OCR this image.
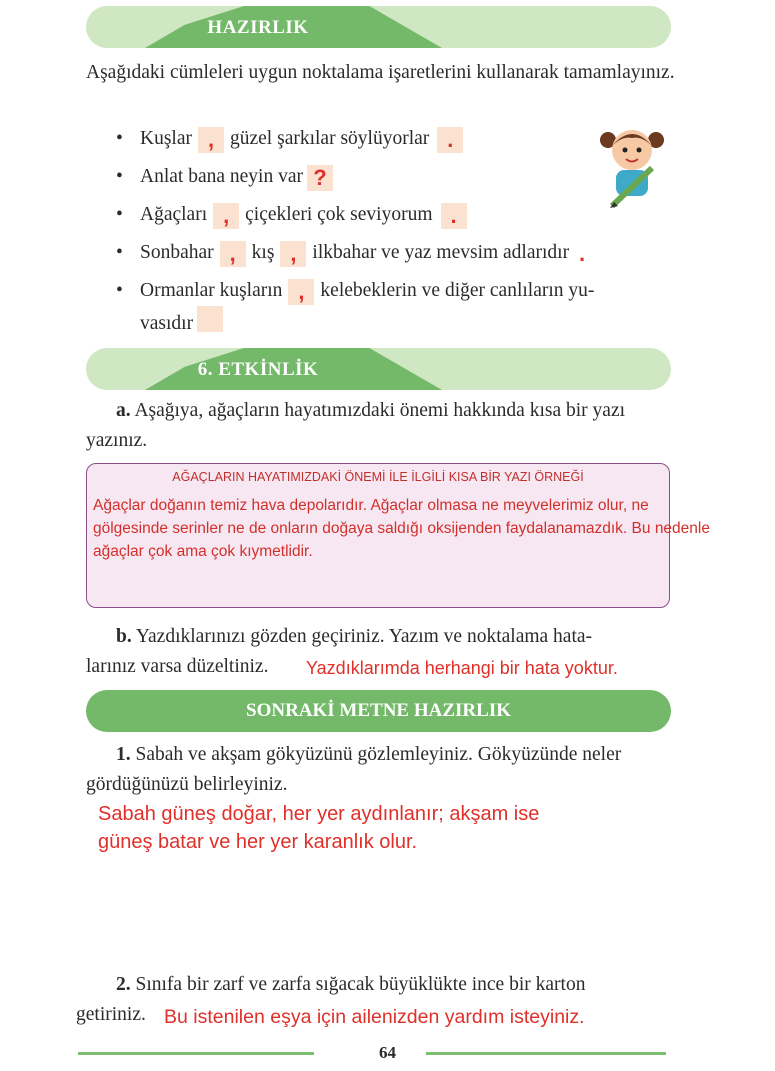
HAZIRLIK
Aşağıdaki cümleleri uygun noktalama işaretlerini kullanarak tamamlayınız.
• Kuşlar , güzel şarkılar söylüyorlar .
• Anlat bana neyin var ?
• Ağaçları , çiçekleri çok seviyorum .
• Sonbahar , kış , ilkbahar ve yaz mevsim adlarıdır .
• Ormanlar kuşların , kelebeklerin ve diğer canlıların yu-
vasıdır
6. ETKİNLİK
a. Aşağıya, ağaçların hayatımızdaki önemi hakkında kısa bir yazı yazınız.
AĞAÇLARIN HAYATIMIZDAKİ ÖNEMİ İLE İLGİLİ KISA BİR YAZI ÖRNEĞİ
Ağaçlar doğanın temiz hava depolarıdır. Ağaçlar olmasa ne meyvelerimiz olur, ne gölgesinde serinler ne de onların doğaya saldığı oksijenden faydalanamazdık. Bu nedenle ağaçlar çok ama çok kıymetlidir.
b. Yazdıklarınızı gözden geçiriniz. Yazım ve noktalama hata-
larınız varsa düzeltiniz.	Yazdıklarımda herhangi bir hata yoktur.
SONRAKİ METNE HAZIRLIK
1. Sabah ve akşam gökyüzünü gözlemleyiniz. Gökyüzünde neler gördüğünüzü belirleyiniz.
Sabah güneş doğar, her yer aydınlanır; akşam ise
güneş batar ve her yer karanlık olur.
2. Sınıfa bir zarf ve zarfa sığacak büyüklükte ince bir karton
getiriniz. Bu istenilen eşya için ailenizden yardım isteyiniz.
64
